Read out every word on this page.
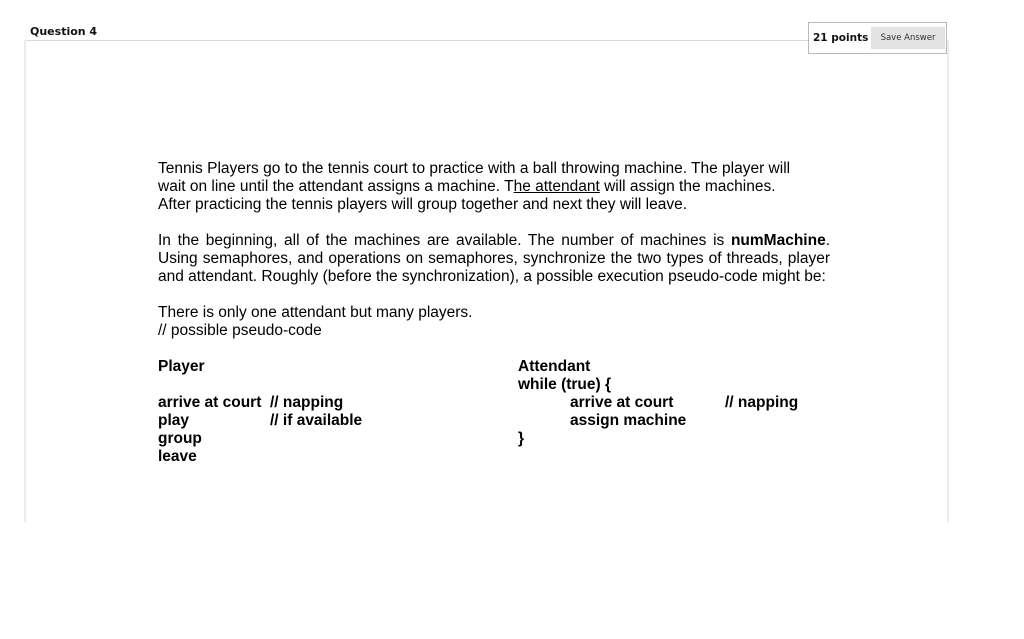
Question 4	21 points	Save Answer

Tennis Players go to the tennis court to practice with a ball throwing machine. The player will
wait on line until the attendant assigns a machine. The attendant will assign the machines.
After practicing the tennis players will group together and next they will leave.

In the beginning, all of the machines are available. The number of machines is numMachine. Using semaphores, and operations on semaphores, synchronize the two types of threads, player and attendant. Roughly (before the synchronization), a possible execution pseudo-code might be:

There is only one attendant but many players.
// possible pseudo-code

Player
arrive at court // napping
play	// if available
group
leave
Attendant
while (true) {
arrive at court	// napping
assign machine
}
